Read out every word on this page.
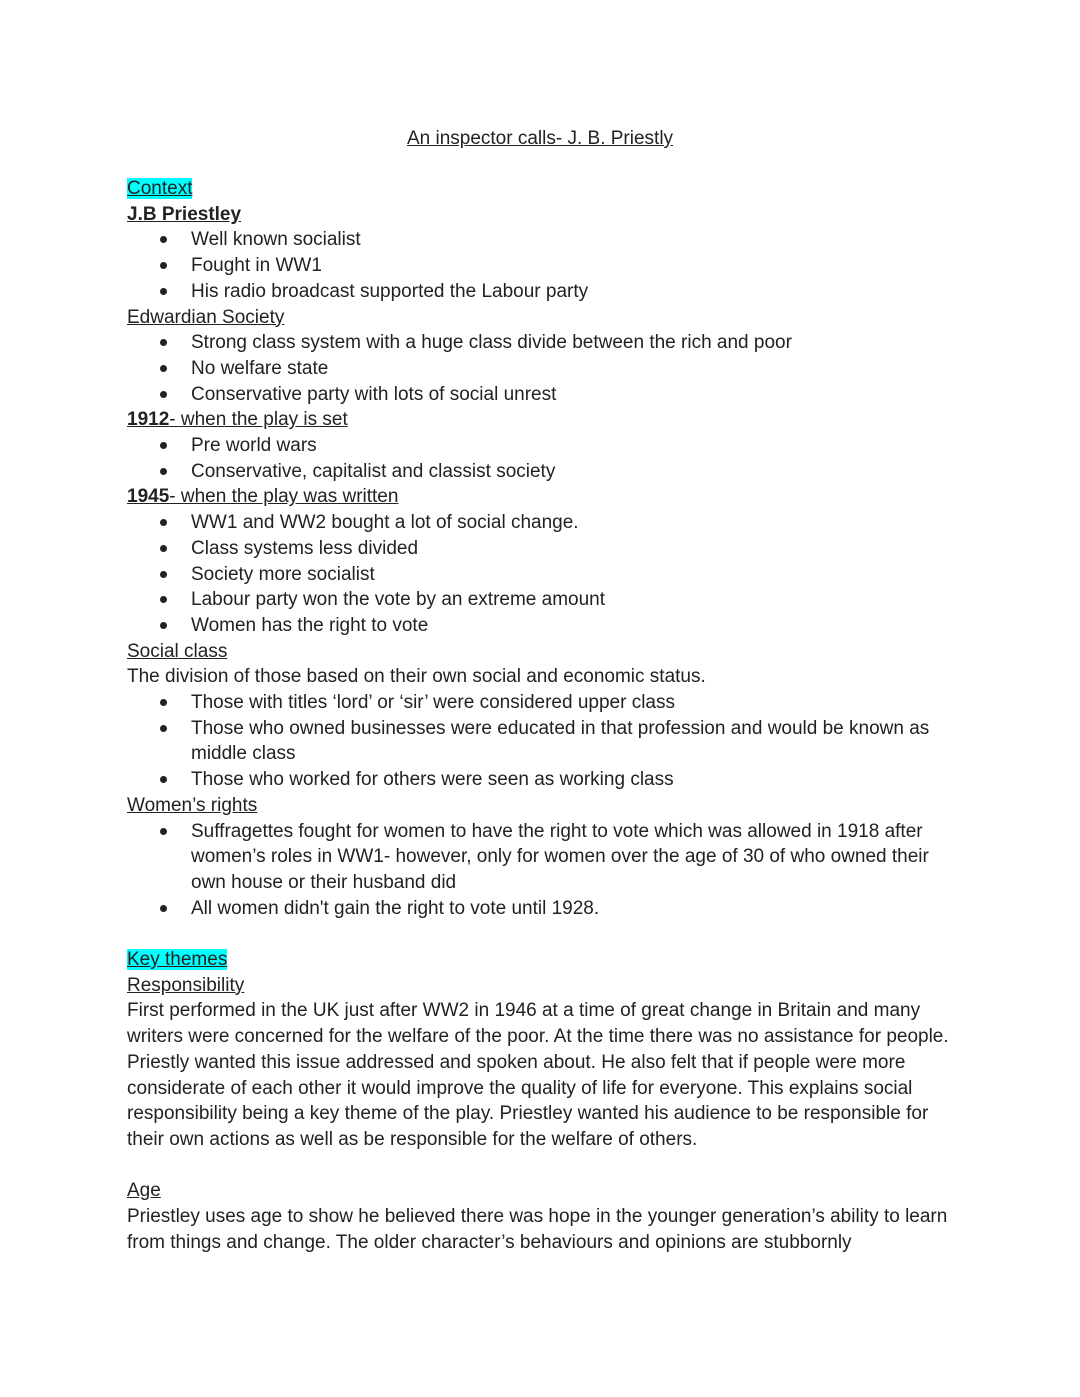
An inspector calls- J. B. Priestly
Context
J.B Priestley
Well known socialist
Fought in WW1
His radio broadcast supported the Labour party
Edwardian Society
Strong class system with a huge class divide between the rich and poor
No welfare state
Conservative party with lots of social unrest
1912- when the play is set
Pre world wars
Conservative, capitalist and classist society
1945- when the play was written
WW1 and WW2 bought a lot of social change.
Class systems less divided
Society more socialist
Labour party won the vote by an extreme amount
Women has the right to vote
Social class
The division of those based on their own social and economic status.
Those with titles ‘lord’ or ‘sir’ were considered upper class
Those who owned businesses were educated in that profession and would be known as middle class
Those who worked for others were seen as working class
Women’s rights
Suffragettes fought for women to have the right to vote which was allowed in 1918 after women’s roles in WW1- however, only for women over the age of 30 of who owned their own house or their husband did
All women didn't gain the right to vote until 1928.
Key themes
Responsibility
First performed in the UK just after WW2 in 1946 at a time of great change in Britain and many writers were concerned for the welfare of the poor. At the time there was no assistance for people. Priestly wanted this issue addressed and spoken about. He also felt that if people were more considerate of each other it would improve the quality of life for everyone. This explains social responsibility being a key theme of the play. Priestley wanted his audience to be responsible for their own actions as well as be responsible for the welfare of others.
Age
Priestley uses age to show he believed there was hope in the younger generation’s ability to learn from things and change. The older character’s behaviours and opinions are stubbornly
